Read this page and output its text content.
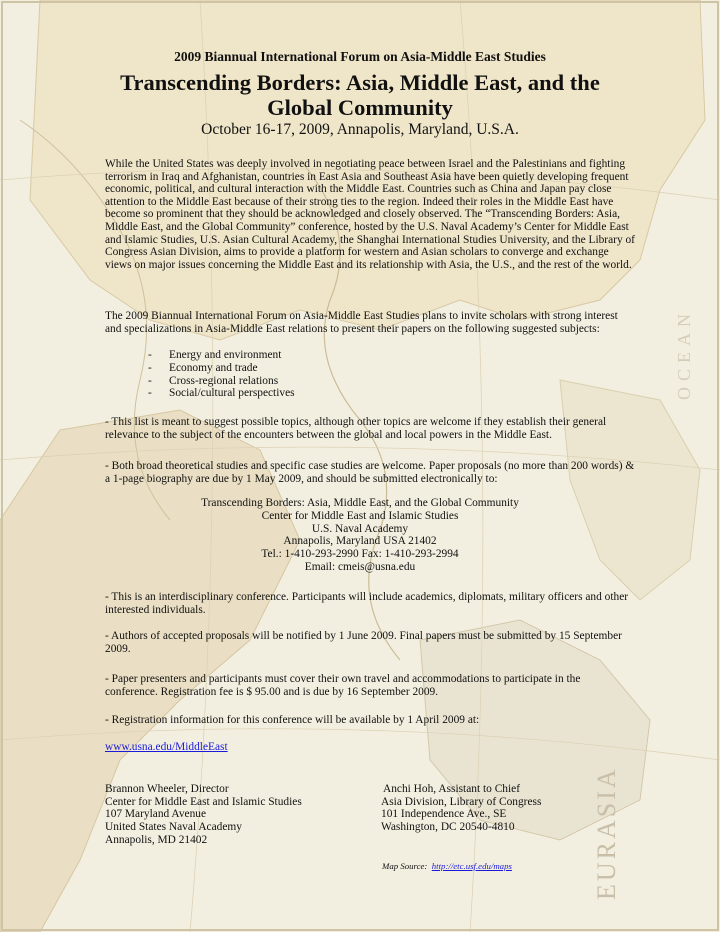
EURASIA
OCEAN
2009 Biannual International Forum on Asia-Middle East Studies
Transcending Borders: Asia, Middle East, and the
Global Community
October 16-17, 2009, Annapolis, Maryland, U.S.A.

While the United States was deeply involved in negotiating peace between Israel and the Palestinians and fighting terrorism in Iraq and Afghanistan, countries in East Asia and Southeast Asia have been quietly developing frequent economic, political, and cultural interaction with the Middle East. Countries such as China and Japan pay close attention to the Middle East because of their strong ties to the region. Indeed their roles in the Middle East have become so prominent that they should be acknowledged and closely observed. The “Transcending Borders: Asia, Middle East, and the Global Community” conference, hosted by the U.S. Naval Academy’s Center for Middle East and Islamic Studies, U.S. Asian Cultural Academy, the Shanghai International Studies University, and the Library of Congress Asian Division, aims to provide a platform for western and Asian scholars to converge and exchange views on major issues concerning the Middle East and its relationship with Asia, the U.S., and the rest of the world.

The 2009 Biannual International Forum on Asia-Middle East Studies plans to invite scholars with strong interest and specializations in Asia-Middle East relations to present their papers on the following suggested subjects:

-	Energy and environment
-	Economy and trade
-	Cross-regional relations
-	Social/cultural perspectives

- This list is meant to suggest possible topics, although other topics are welcome if they establish their general relevance to the subject of the encounters between the global and local powers in the Middle East.

- Both broad theoretical studies and specific case studies are welcome. Paper proposals (no more than 200 words) & a 1-page biography are due by 1 May 2009, and should be submitted electronically to:

Transcending Borders: Asia, Middle East, and the Global Community
Center for Middle East and Islamic Studies
U.S. Naval Academy
Annapolis, Maryland USA 21402
Tel.: 1-410-293-2990 Fax: 1-410-293-2994
Email: cmeis@usna.edu

- This is an interdisciplinary conference. Participants will include academics, diplomats, military officers and other interested individuals.

- Authors of accepted proposals will be notified by 1 June 2009. Final papers must be submitted by 15 September 2009.

- Paper presenters and participants must cover their own travel and accommodations to participate in the conference. Registration fee is $ 95.00 and is due by 16 September 2009.

- Registration information for this conference will be available by 1 April 2009 at:

www.usna.edu/MiddleEast
Brannon Wheeler, Director
Center for Middle East and Islamic Studies
107 Maryland Avenue
United States Naval Academy
Annapolis, MD 21402
Anchi Hoh, Assistant to Chief
Asia Division, Library of Congress
101 Independence Ave., SE
Washington, DC 20540-4810
Map Source: http://etc.usf.edu/maps
